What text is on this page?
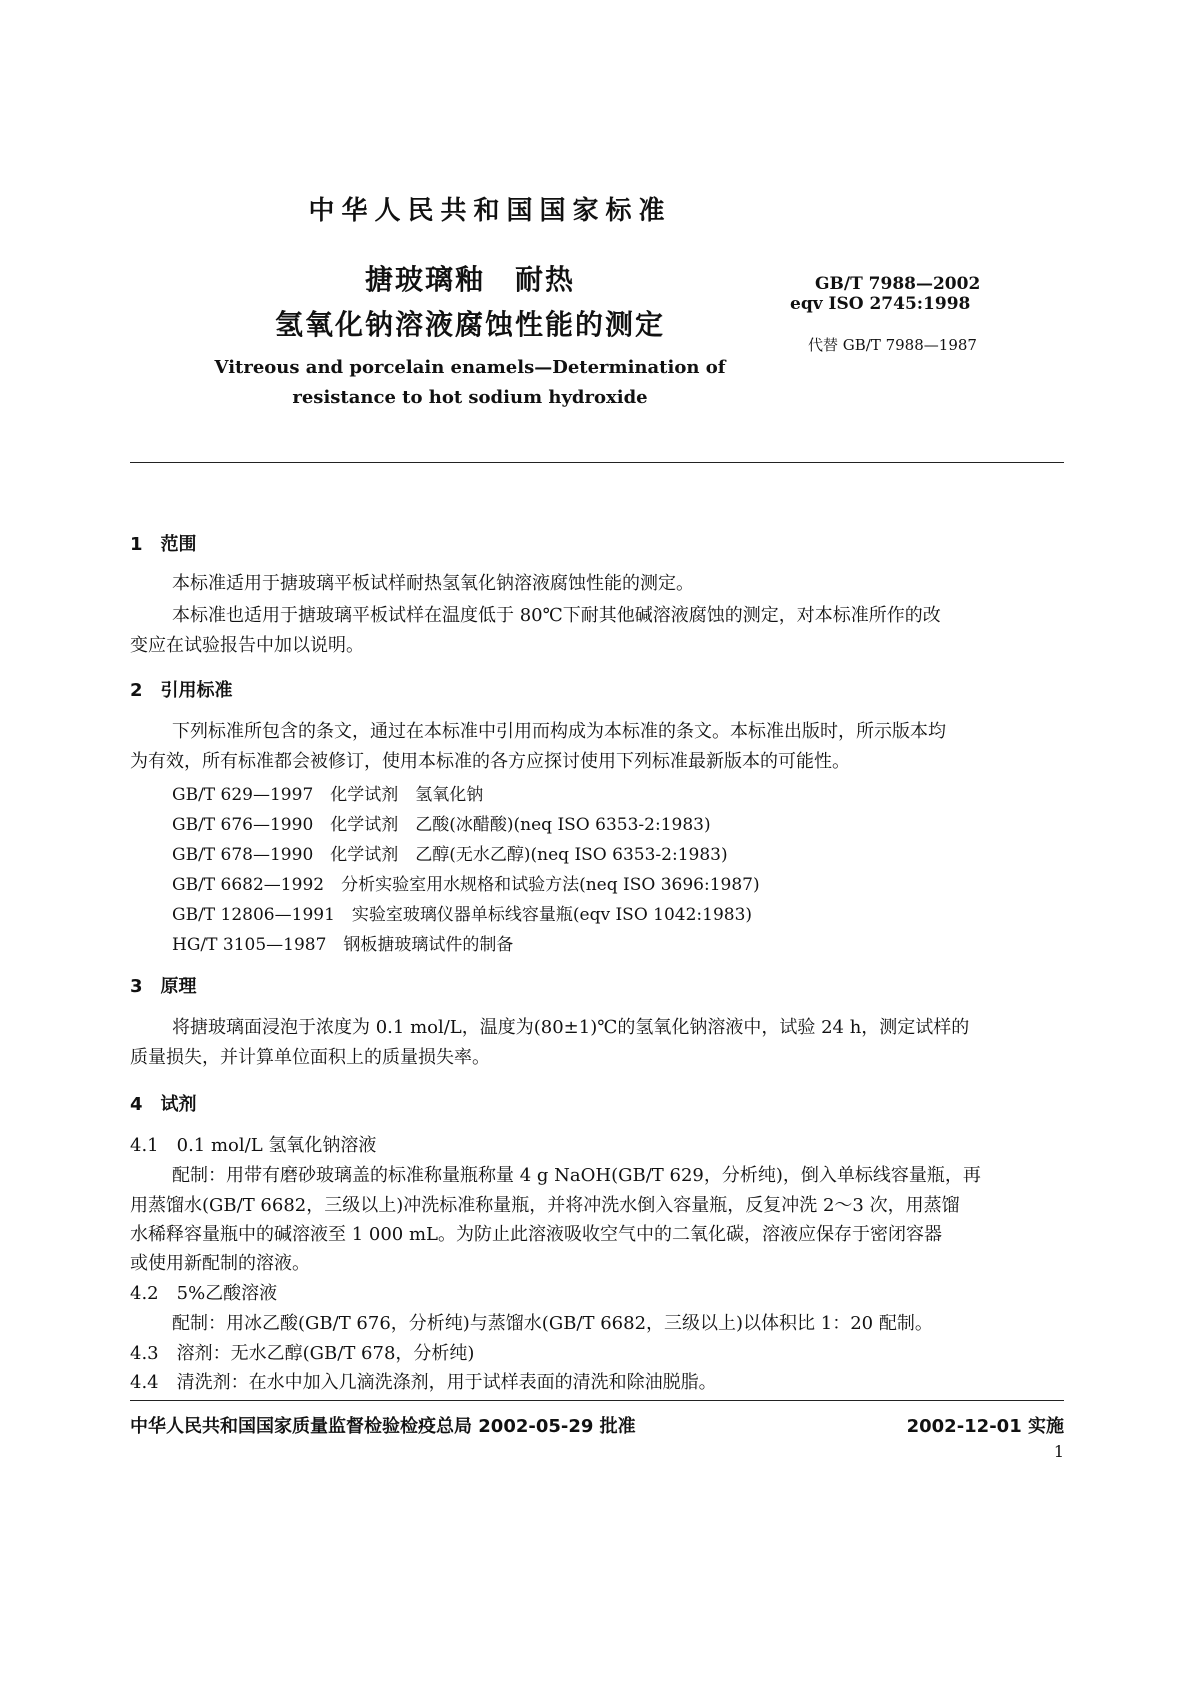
中华人民共和国国家标准
搪玻璃釉　耐热
氢氧化钠溶液腐蚀性能的测定
Vitreous and porcelain enamels—Determination of
resistance to hot sodium hydroxide
GB/T 7988—2002
eqv ISO 2745:1998
代替 GB/T 7988—1987
1　范围
本标准适用于搪玻璃平板试样耐热氢氧化钠溶液腐蚀性能的测定。
本标准也适用于搪玻璃平板试样在温度低于 80℃下耐其他碱溶液腐蚀的测定，对本标准所作的改
变应在试验报告中加以说明。
2　引用标准
下列标准所包含的条文，通过在本标准中引用而构成为本标准的条文。本标准出版时，所示版本均
为有效，所有标准都会被修订，使用本标准的各方应探讨使用下列标准最新版本的可能性。
GB/T 629—1997　化学试剂　氢氧化钠
GB/T 676—1990　化学试剂　乙酸(冰醋酸)(neq ISO 6353-2:1983)
GB/T 678—1990　化学试剂　乙醇(无水乙醇)(neq ISO 6353-2:1983)
GB/T 6682—1992　分析实验室用水规格和试验方法(neq ISO 3696:1987)
GB/T 12806—1991　实验室玻璃仪器单标线容量瓶(eqv ISO 1042:1983)
HG/T 3105—1987　钢板搪玻璃试件的制备
3　原理
将搪玻璃面浸泡于浓度为 0.1 mol/L，温度为(80±1)℃的氢氧化钠溶液中，试验 24 h，测定试样的
质量损失，并计算单位面积上的质量损失率。
4　试剂
4.1　0.1 mol/L 氢氧化钠溶液
配制：用带有磨砂玻璃盖的标准称量瓶称量 4 g NaOH(GB/T 629，分析纯)，倒入单标线容量瓶，再
用蒸馏水(GB/T 6682，三级以上)冲洗标准称量瓶，并将冲洗水倒入容量瓶，反复冲洗 2～3 次，用蒸馏
水稀释容量瓶中的碱溶液至 1 000 mL。为防止此溶液吸收空气中的二氧化碳，溶液应保存于密闭容器
或使用新配制的溶液。
4.2　5%乙酸溶液
配制：用冰乙酸(GB/T 676，分析纯)与蒸馏水(GB/T 6682，三级以上)以体积比 1：20 配制。
4.3　溶剂：无水乙醇(GB/T 678，分析纯)
4.4　清洗剂：在水中加入几滴洗涤剂，用于试样表面的清洗和除油脱脂。
中华人民共和国国家质量监督检验检疫总局 2002-05-29 批准	2002-12-01 实施
1
